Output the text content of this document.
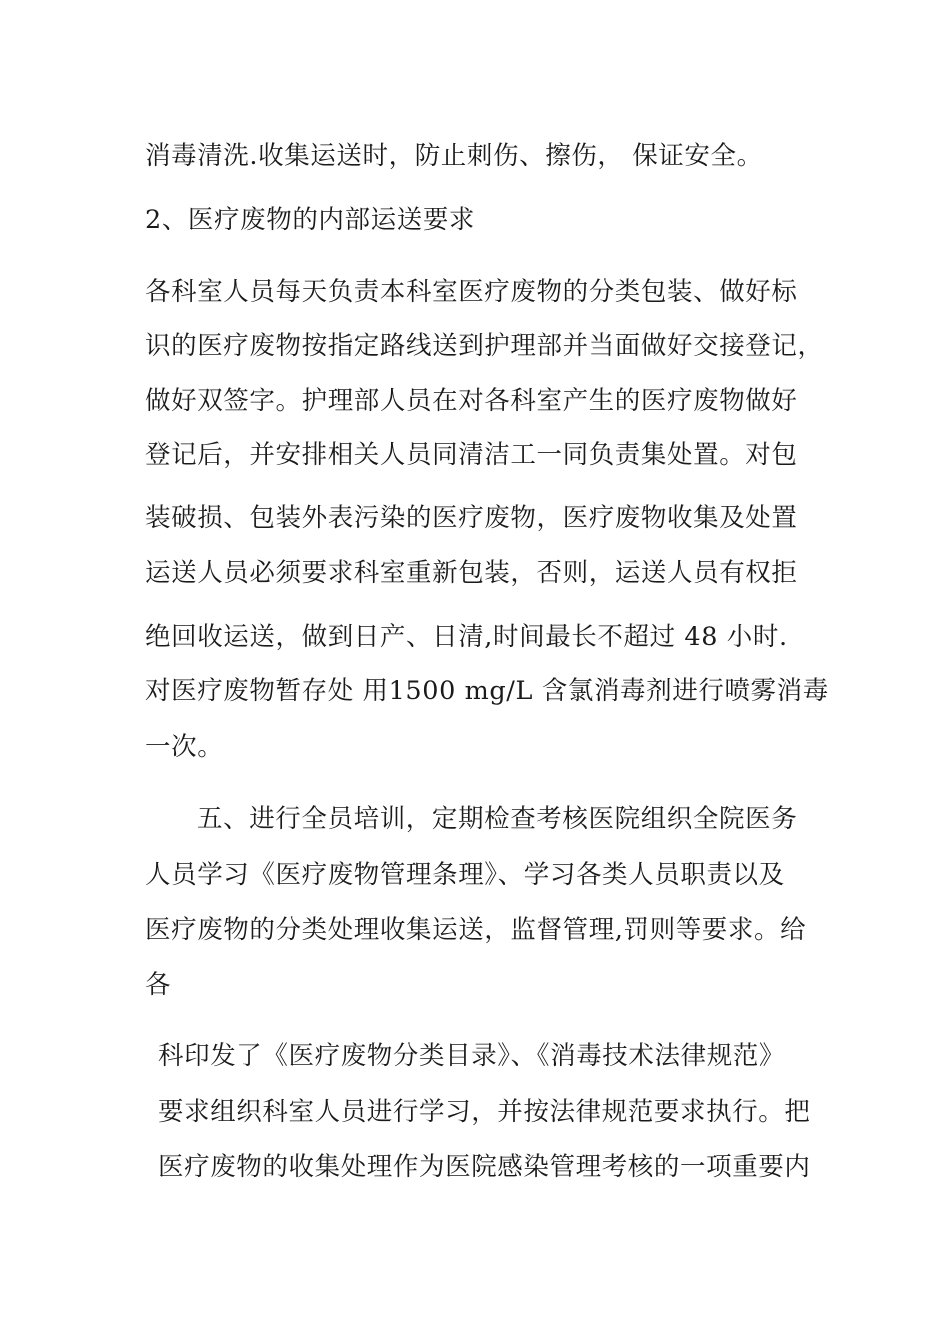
消毒清洗.收集运送时，防止刺伤、擦伤， 保证安全。
2、医疗废物的内部运送要求
各科室人员每天负责本科室医疗废物的分类包装、做好标
识的医疗废物按指定路线送到护理部并当面做好交接登记，
做好双签字。护理部人员在对各科室产生的医疗废物做好
登记后，并安排相关人员同清洁工一同负责集处置。对包
装破损、包装外表污染的医疗废物，医疗废物收集及处置
运送人员必须要求科室重新包装，否则，运送人员有权拒
绝回收运送，做到日产、日清,时间最长不超过 48 小时.
对医疗废物暂存处 用1500 mg/L 含氯消毒剂进行喷雾消毒
一次。
五、进行全员培训，定期检查考核医院组织全院医务
人员学习《医疗废物管理条理》、学习各类人员职责以及
医疗废物的分类处理收集运送，监督管理,罚则等要求。给
各
科印发了《医疗废物分类目录》、《消毒技术法律规范》
要求组织科室人员进行学习，并按法律规范要求执行。把
医疗废物的收集处理作为医院感染管理考核的一项重要内
